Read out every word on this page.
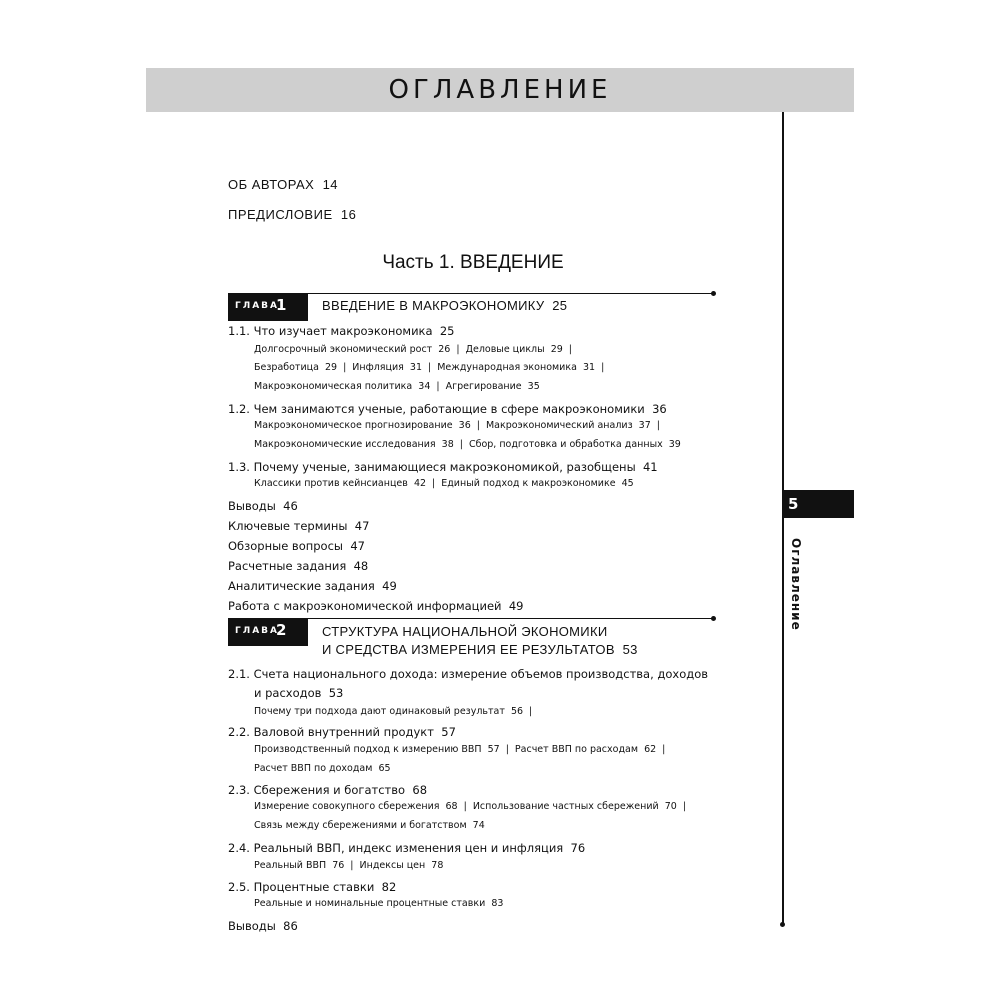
ОГЛАВЛЕНИЕ
5
Оглавление
ОБ АВТОРАХ 14
ПРЕДИСЛОВИЕ 16
Часть 1. ВВЕДЕНИЕ
ГЛАВА
1	ВВЕДЕНИЕ В МАКРОЭКОНОМИКУ 25
1.1. Что изучает макроэкономика 25
Долгосрочный экономический рост 26 | Деловые циклы 29 |
Безработица 29 | Инфляция 31 | Международная экономика 31 |
Макроэкономическая политика 34 | Агрегирование 35
1.2. Чем занимаются ученые, работающие в сфере макроэкономики 36
Макроэкономическое прогнозирование 36 | Макроэкономический анализ 37 |
Макроэкономические исследования 38 | Сбор, подготовка и обработка данных 39
1.3. Почему ученые, занимающиеся макроэкономикой, разобщены 41
Классики против кейнсианцев 42 | Единый подход к макроэкономике 45
Выводы 46
Ключевые термины 47
Обзорные вопросы 47
Расчетные задания 48
Аналитические задания 49
Работа с макроэкономической информацией 49
ГЛАВА
2	СТРУКТУРА НАЦИОНАЛЬНОЙ ЭКОНОМИКИ
И СРЕДСТВА ИЗМЕРЕНИЯ ЕЕ РЕЗУЛЬТАТОВ 53
2.1. Счета национального дохода: измерение объемов производства, доходов
и расходов 53
Почему три подхода дают одинаковый результат 56 |
2.2. Валовой внутренний продукт 57
Производственный подход к измерению ВВП 57 | Расчет ВВП по расходам 62 |
Расчет ВВП по доходам 65
2.3. Сбережения и богатство 68
Измерение совокупного сбережения 68 | Использование частных сбережений 70 |
Связь между сбережениями и богатством 74
2.4. Реальный ВВП, индекс изменения цен и инфляция 76
Реальный ВВП 76 | Индексы цен 78
2.5. Процентные ставки 82
Реальные и номинальные процентные ставки 83
Выводы 86
